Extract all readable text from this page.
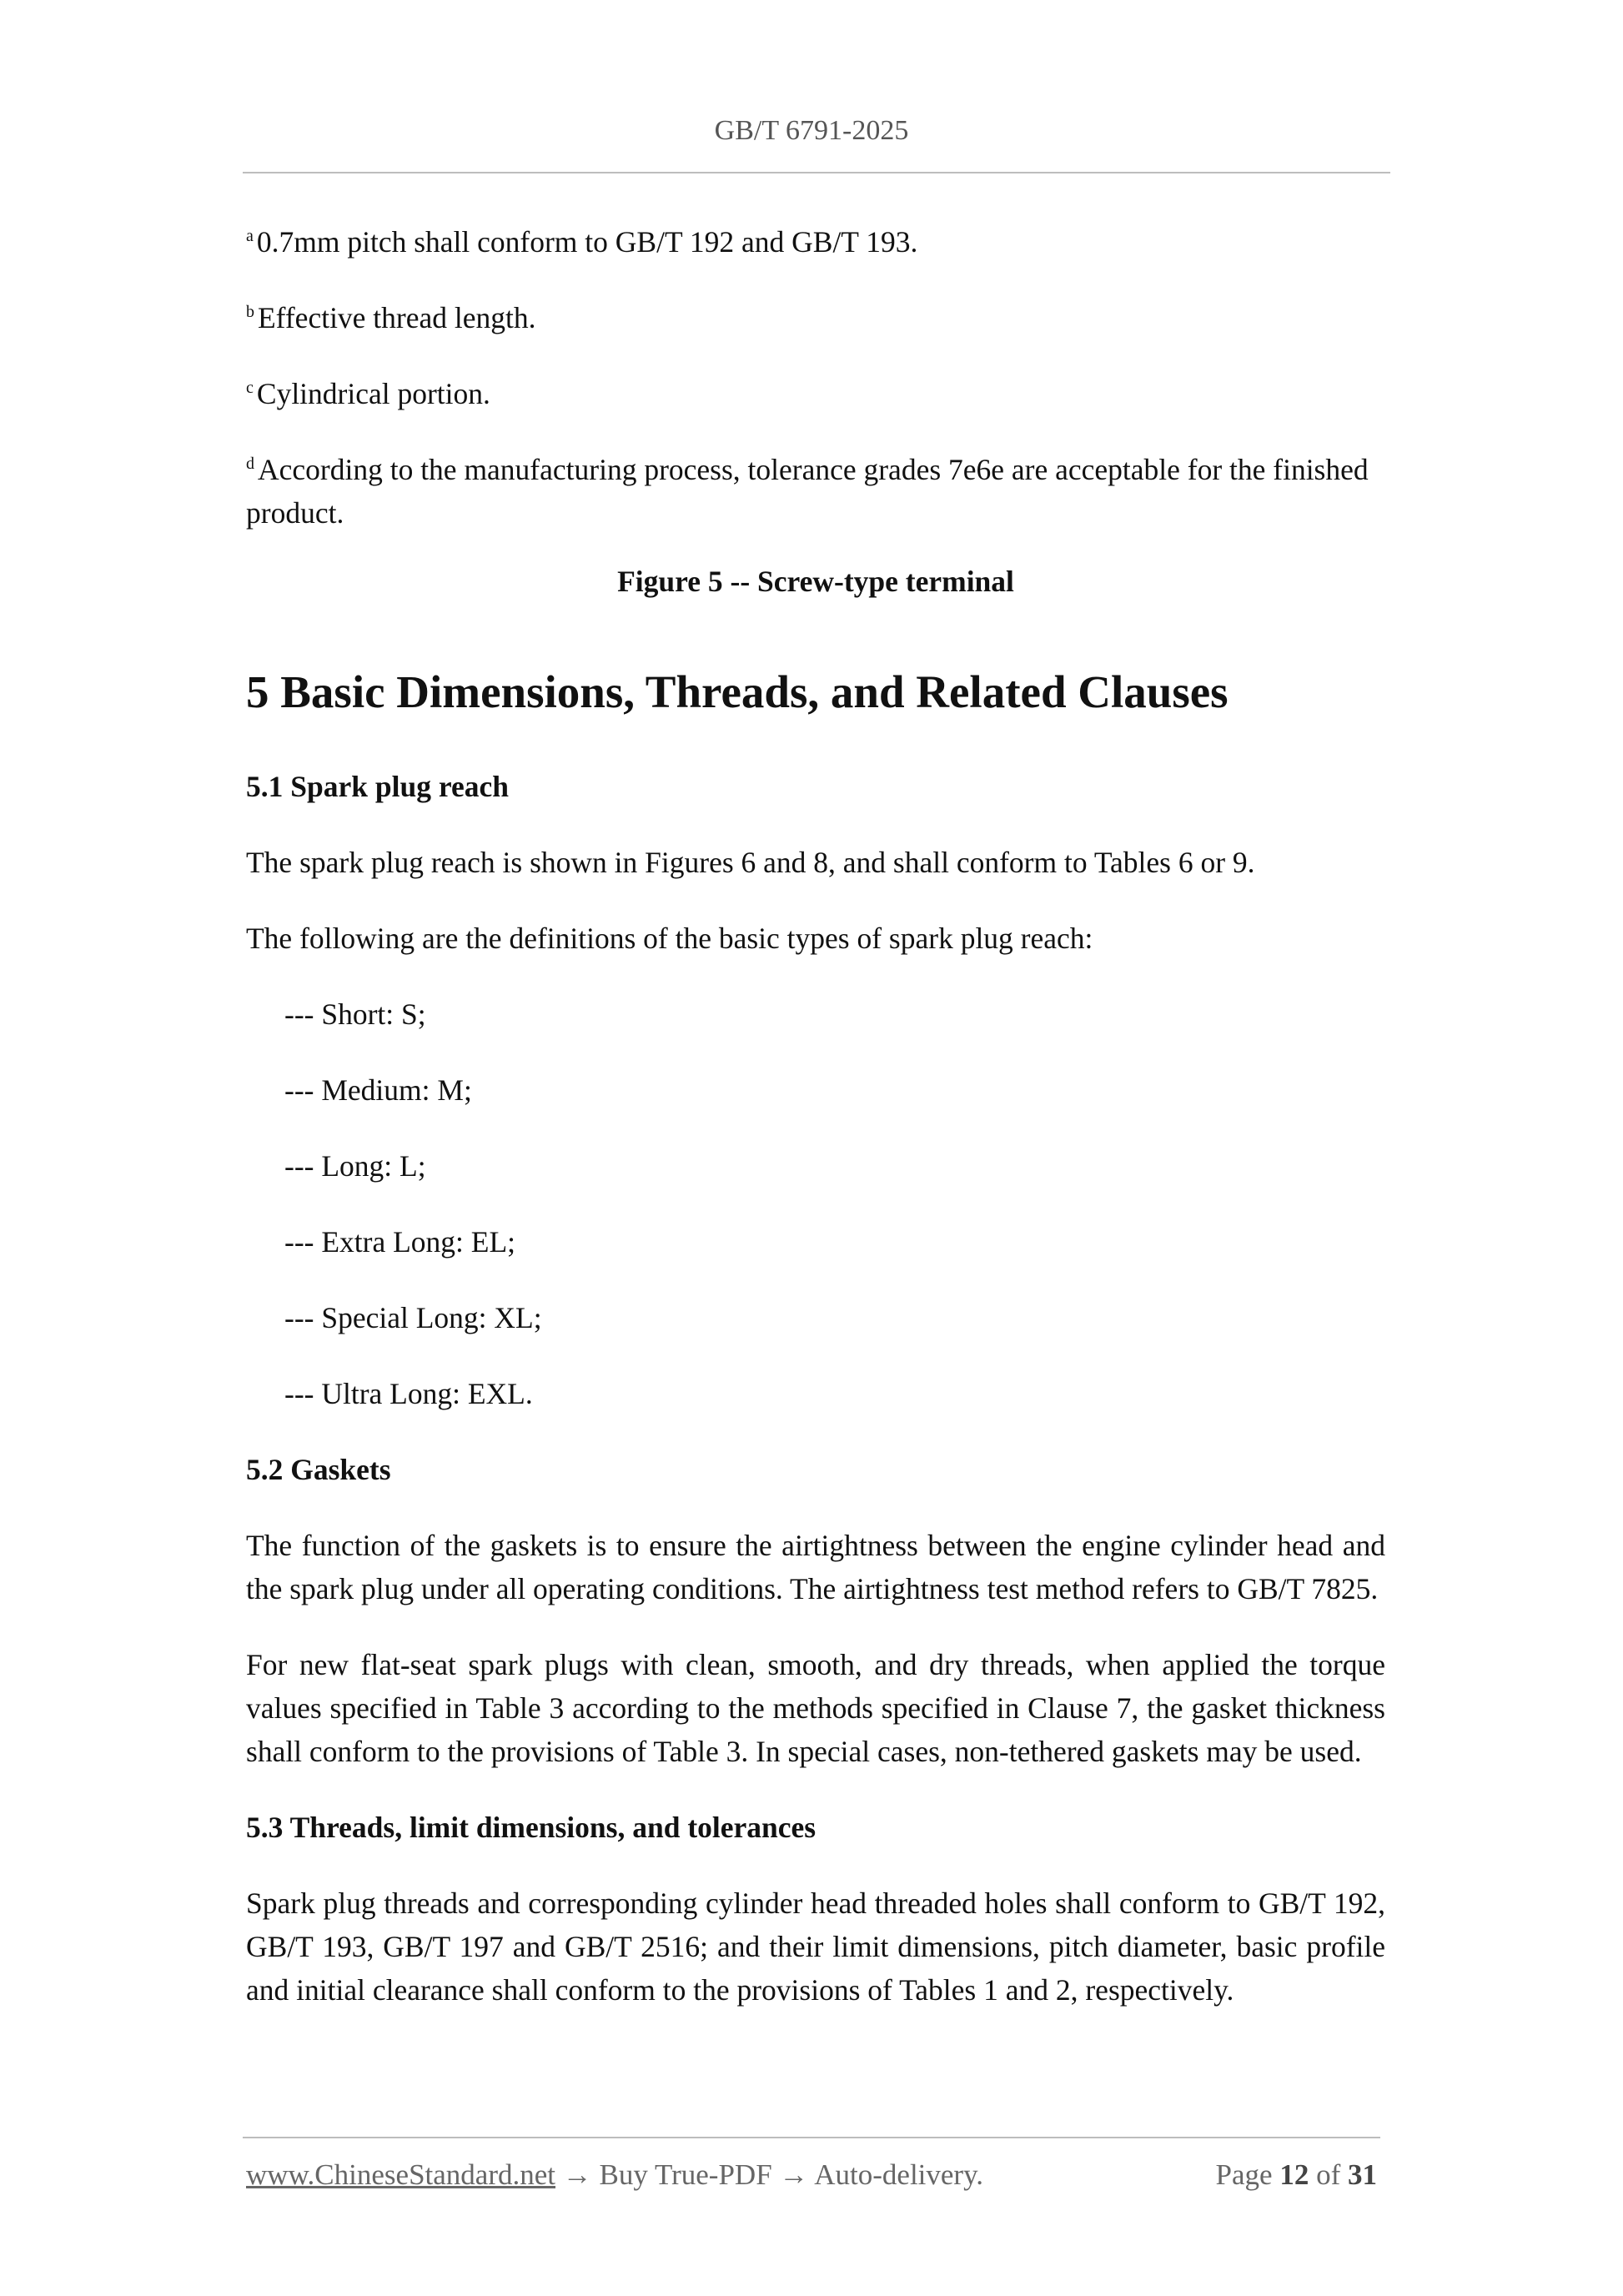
GB/T 6791-2025
$^a$ 0.7mm pitch shall conform to GB/T 192 and GB/T 193.
$^b$ Effective thread length.
$^c$ Cylindrical portion.
$^d$ According to the manufacturing process, tolerance grades 7e6e are acceptable for the finished product.
Figure 5 -- Screw-type terminal
5 Basic Dimensions, Threads, and Related Clauses
5.1 Spark plug reach

The spark plug reach is shown in Figures 6 and 8, and shall conform to Tables 6 or 9.

The following are the definitions of the basic types of spark plug reach:

--- Short: S;
--- Medium: M;
--- Long: L;
--- Extra Long: EL;
--- Special Long: XL;
--- Ultra Long: EXL.
5.2 Gaskets

The function of the gaskets is to ensure the airtightness between the engine cylinder head and the spark plug under all operating conditions. The airtightness test method refers to GB/T 7825.

For new flat-seat spark plugs with clean, smooth, and dry threads, when applied the torque values specified in Table 3 according to the methods specified in Clause 7, the gasket thickness shall conform to the provisions of Table 3. In special cases, non-tethered gaskets may be used.

5.3 Threads, limit dimensions, and tolerances

Spark plug threads and corresponding cylinder head threaded holes shall conform to GB/T 192, GB/T 193, GB/T 197 and GB/T 2516; and their limit dimensions, pitch diameter, basic profile and initial clearance shall conform to the provisions of Tables 1 and 2, respectively.

www.ChineseStandard.net → Buy True-PDF → Auto-delivery.	Page 12 of 31
